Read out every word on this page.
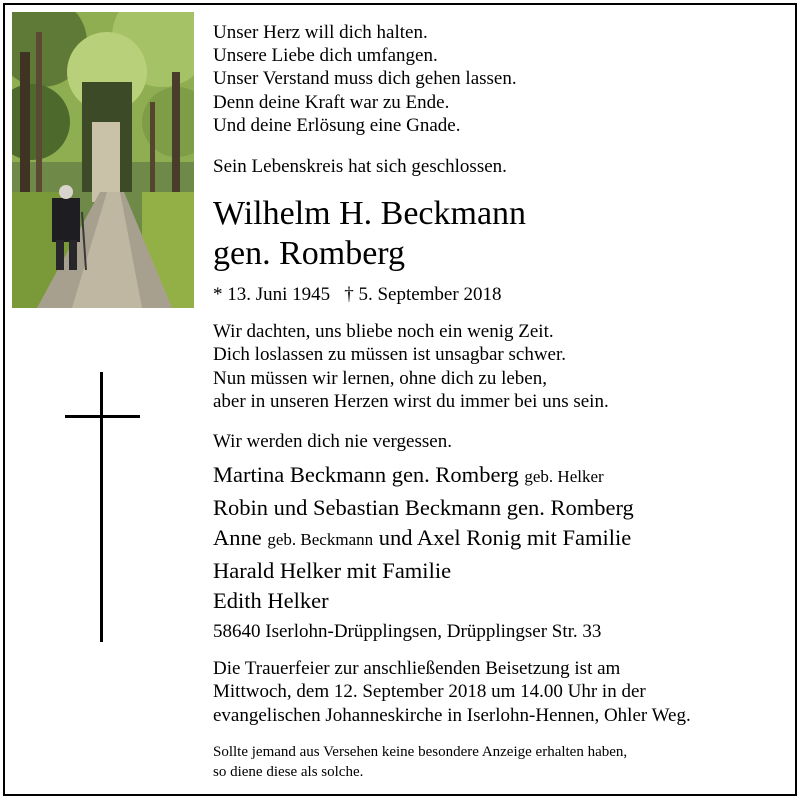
Unser Herz will dich halten.
Unsere Liebe dich umfangen.
Unser Verstand muss dich gehen lassen.
Denn deine Kraft war zu Ende.
Und deine Erlösung eine Gnade.
Sein Lebenskreis hat sich geschlossen.
Wilhelm H. Beckmann
gen. Romberg
* 13. Juni 1945 † 5. September 2018
Wir dachten, uns bliebe noch ein wenig Zeit.
Dich loslassen zu müssen ist unsagbar schwer.
Nun müssen wir lernen, ohne dich zu leben,
aber in unseren Herzen wirst du immer bei uns sein.
Wir werden dich nie vergessen.
Martina Beckmann gen. Romberg geb. Helker
Robin und Sebastian Beckmann gen. Romberg
Anne geb. Beckmann und Axel Ronig mit Familie
Harald Helker mit Familie
Edith Helker
58640 Iserlohn-Drüpplingsen, Drüpplingser Str. 33
Die Trauerfeier zur anschließenden Beisetzung ist am
Mittwoch, dem 12. September 2018 um 14.00 Uhr in der
evangelischen Johanneskirche in Iserlohn-Hennen, Ohler Weg.
Sollte jemand aus Versehen keine besondere Anzeige erhalten haben,
so diene diese als solche.
